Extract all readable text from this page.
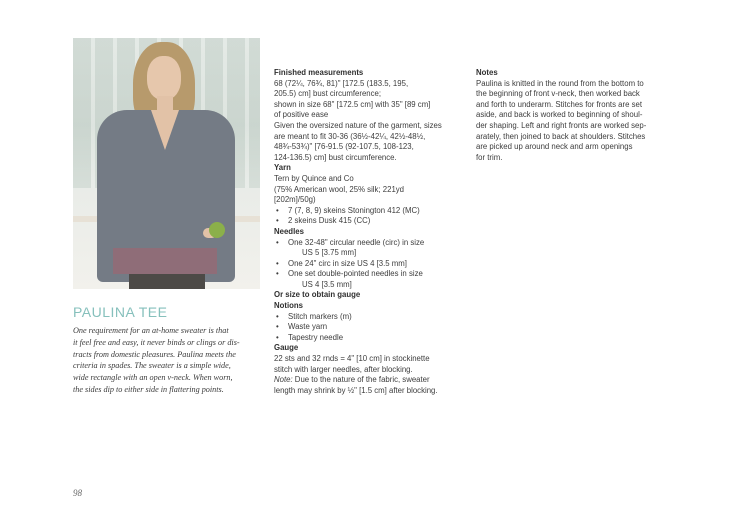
PAULINA TEE
One requirement for an at-home sweater is that
it feel free and easy, it never binds or clings or dis-
tracts from domestic pleasures. Paulina meets the
criteria in spades. The sweater is a simple wide,
wide rectangle with an open v-neck. When worn,
the sides dip to either side in flattering points.
Finished measurements
68 (72¼, 76¾, 81)" [172.5 (183.5, 195,
205.5) cm] bust circumference;
shown in size 68" [172.5 cm] with 35" [89 cm]
of positive ease
Given the oversized nature of the garment, sizes
are meant to fit 30-36 (36½-42¼, 42½-48½,
48¾-53¾)" [76-91.5 (92-107.5, 108-123,
124-136.5) cm] bust circumference.
Yarn
Tern by Quince and Co
(75% American wool, 25% silk; 221yd
[202m]/50g)
• 7 (7, 8, 9) skeins Stonington 412 (MC)
• 2 skeins Dusk 415 (CC)
Needles
• One 32-48" circular needle (circ) in size
US 5 [3.75 mm]
• One 24" circ in size US 4 [3.5 mm]
• One set double-pointed needles in size
US 4 [3.5 mm]
Or size to obtain gauge
Notions
• Stitch markers (m)
• Waste yarn
• Tapestry needle
Gauge
22 sts and 32 rnds = 4" [10 cm] in stockinette
stitch with larger needles, after blocking.
Note: Due to the nature of the fabric, sweater
length may shrink by ½" [1.5 cm] after blocking.
Notes
Paulina is knitted in the round from the bottom to
the beginning of front v-neck, then worked back
and forth to underarm. Stitches for fronts are set
aside, and back is worked to beginning of shoul-
der shaping. Left and right fronts are worked sep-
arately, then joined to back at shoulders. Stitches
are picked up around neck and arm openings
for trim.
98
